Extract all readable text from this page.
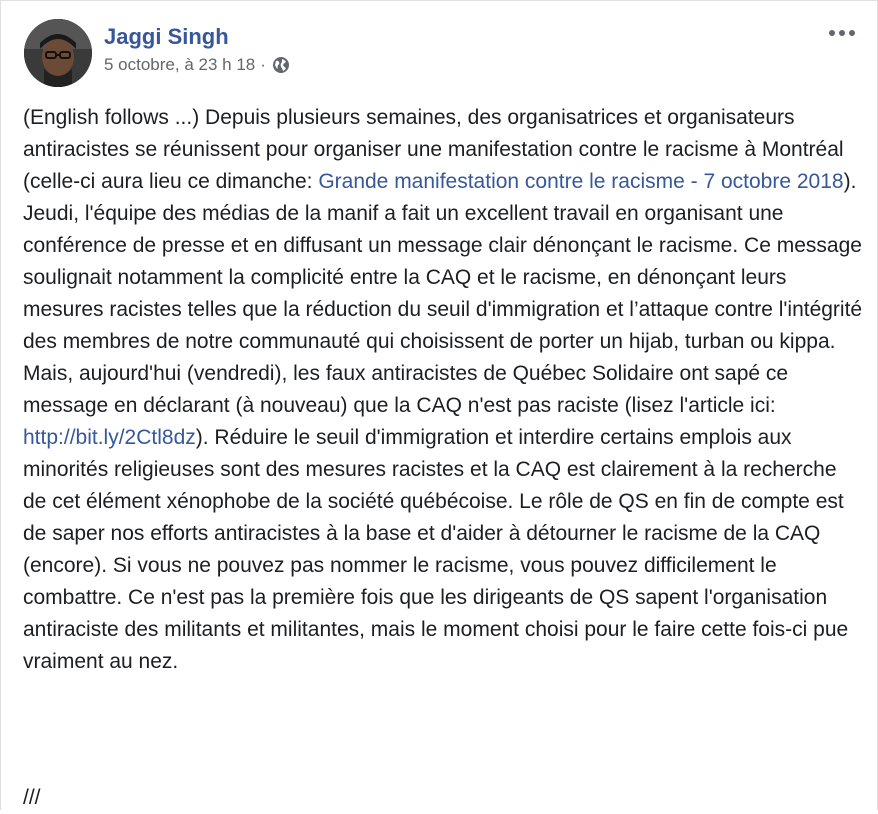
Jaggi Singh
5 octobre, à 23 h 18 ·
(English follows ...) Depuis plusieurs semaines, des organisatrices et organisateurs antiracistes se réunissent pour organiser une manifestation contre le racisme à Montréal (celle-ci aura lieu ce dimanche: Grande manifestation contre le racisme - 7 octobre 2018). Jeudi, l'équipe des médias de la manif a fait un excellent travail en organisant une conférence de presse et en diffusant un message clair dénonçant le racisme. Ce message soulignait notamment la complicité entre la CAQ et le racisme, en dénonçant leurs mesures racistes telles que la réduction du seuil d'immigration et l’attaque contre l'intégrité des membres de notre communauté qui choisissent de porter un hijab, turban ou kippa. Mais, aujourd'hui (vendredi), les faux antiracistes de Québec Solidaire ont sapé ce message en déclarant (à nouveau) que la CAQ n'est pas raciste (lisez l'article ici: http://bit.ly/2Ctl8dz). Réduire le seuil d'immigration et interdire certains emplois aux minorités religieuses sont des mesures racistes et la CAQ est clairement à la recherche de cet élément xénophobe de la société québécoise. Le rôle de QS en fin de compte est de saper nos efforts antiracistes à la base et d'aider à détourner le racisme de la CAQ (encore). Si vous ne pouvez pas nommer le racisme, vous pouvez difficilement le combattre. Ce n'est pas la première fois que les dirigeants de QS sapent l'organisation antiraciste des militants et militantes, mais le moment choisi pour le faire cette fois-ci pue vraiment au nez.
///
